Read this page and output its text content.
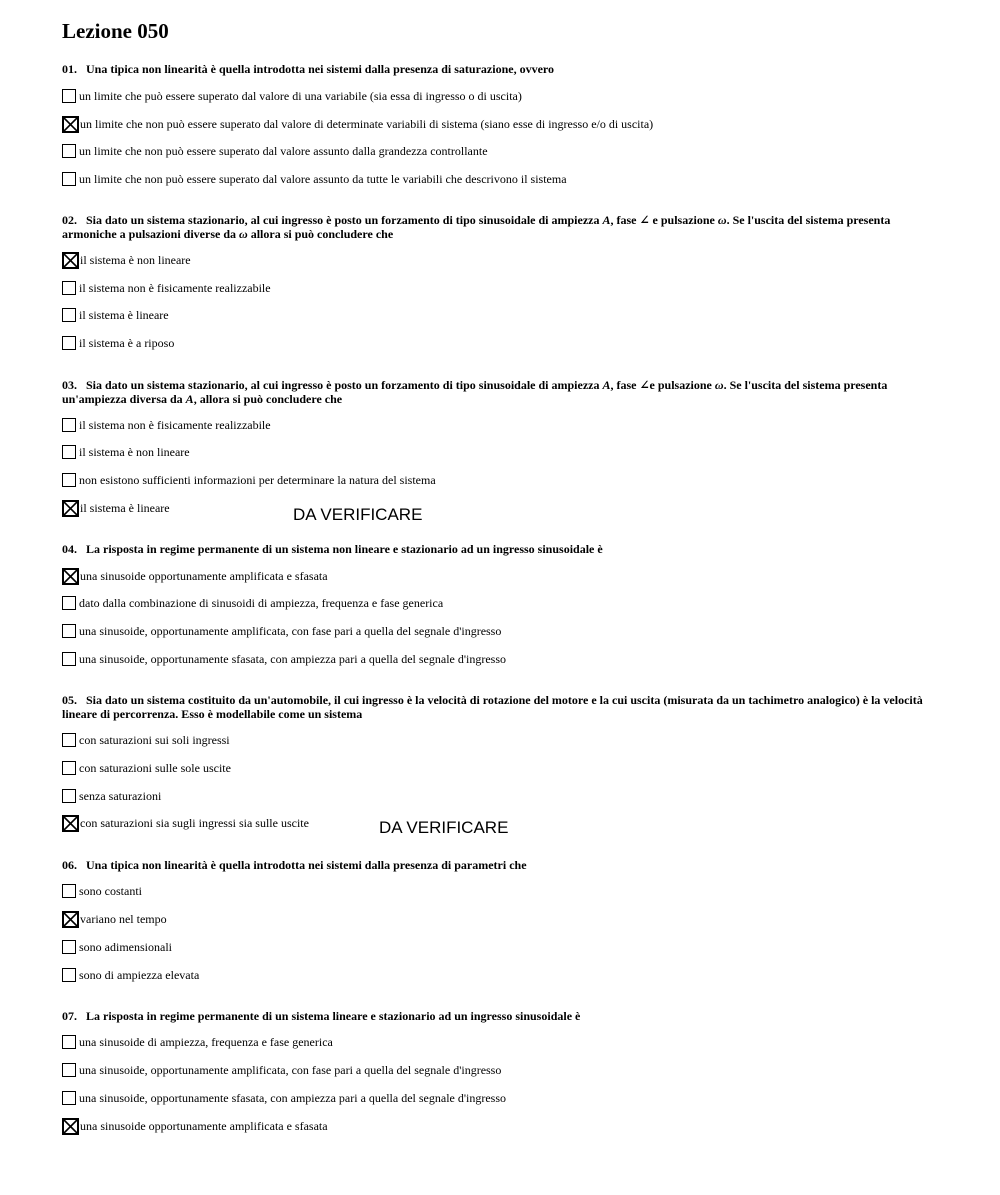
Lezione 050

01. Una tipica non linearità è quella introdotta nei sistemi dalla presenza di saturazione, ovvero

un limite che può essere superato dal valore di una variabile (sia essa di ingresso o di uscita)
un limite che non può essere superato dal valore di determinate variabili di sistema (siano esse di ingresso e/o di uscita)
un limite che non può essere superato dal valore assunto dalla grandezza controllante
un limite che non può essere superato dal valore assunto da tutte le variabili che descrivono il sistema

02. Sia dato un sistema stazionario, al cui ingresso è posto un forzamento di tipo sinusoidale di ampiezza A, fase ∠ e pulsazione ω. Se l'uscita del sistema presenta armoniche a pulsazioni diverse da ω allora si può concludere che

il sistema è non lineare
il sistema non è fisicamente realizzabile
il sistema è lineare
il sistema è a riposo

03. Sia dato un sistema stazionario, al cui ingresso è posto un forzamento di tipo sinusoidale di ampiezza A, fase ∠e pulsazione ω. Se l'uscita del sistema presenta un'ampiezza diversa da A, allora si può concludere che

il sistema non è fisicamente realizzabile
il sistema è non lineare
non esistono sufficienti informazioni per determinare la natura del sistema
il sistema è lineare	DA VERIFICARE

04. La risposta in regime permanente di un sistema non lineare e stazionario ad un ingresso sinusoidale è

una sinusoide opportunamente amplificata e sfasata
dato dalla combinazione di sinusoidi di ampiezza, frequenza e fase generica
una sinusoide, opportunamente amplificata, con fase pari a quella del segnale d'ingresso
una sinusoide, opportunamente sfasata, con ampiezza pari a quella del segnale d'ingresso

05. Sia dato un sistema costituito da un'automobile, il cui ingresso è la velocità di rotazione del motore e la cui uscita (misurata da un tachimetro analogico) è la velocità lineare di percorrenza. Esso è modellabile come un sistema

con saturazioni sui soli ingressi
con saturazioni sulle sole uscite
senza saturazioni
con saturazioni sia sugli ingressi sia sulle uscite	DA VERIFICARE

06. Una tipica non linearità è quella introdotta nei sistemi dalla presenza di parametri che

sono costanti
variano nel tempo
sono adimensionali
sono di ampiezza elevata

07. La risposta in regime permanente di un sistema lineare e stazionario ad un ingresso sinusoidale è

una sinusoide di ampiezza, frequenza e fase generica
una sinusoide, opportunamente amplificata, con fase pari a quella del segnale d'ingresso
una sinusoide, opportunamente sfasata, con ampiezza pari a quella del segnale d'ingresso
una sinusoide opportunamente amplificata e sfasata
